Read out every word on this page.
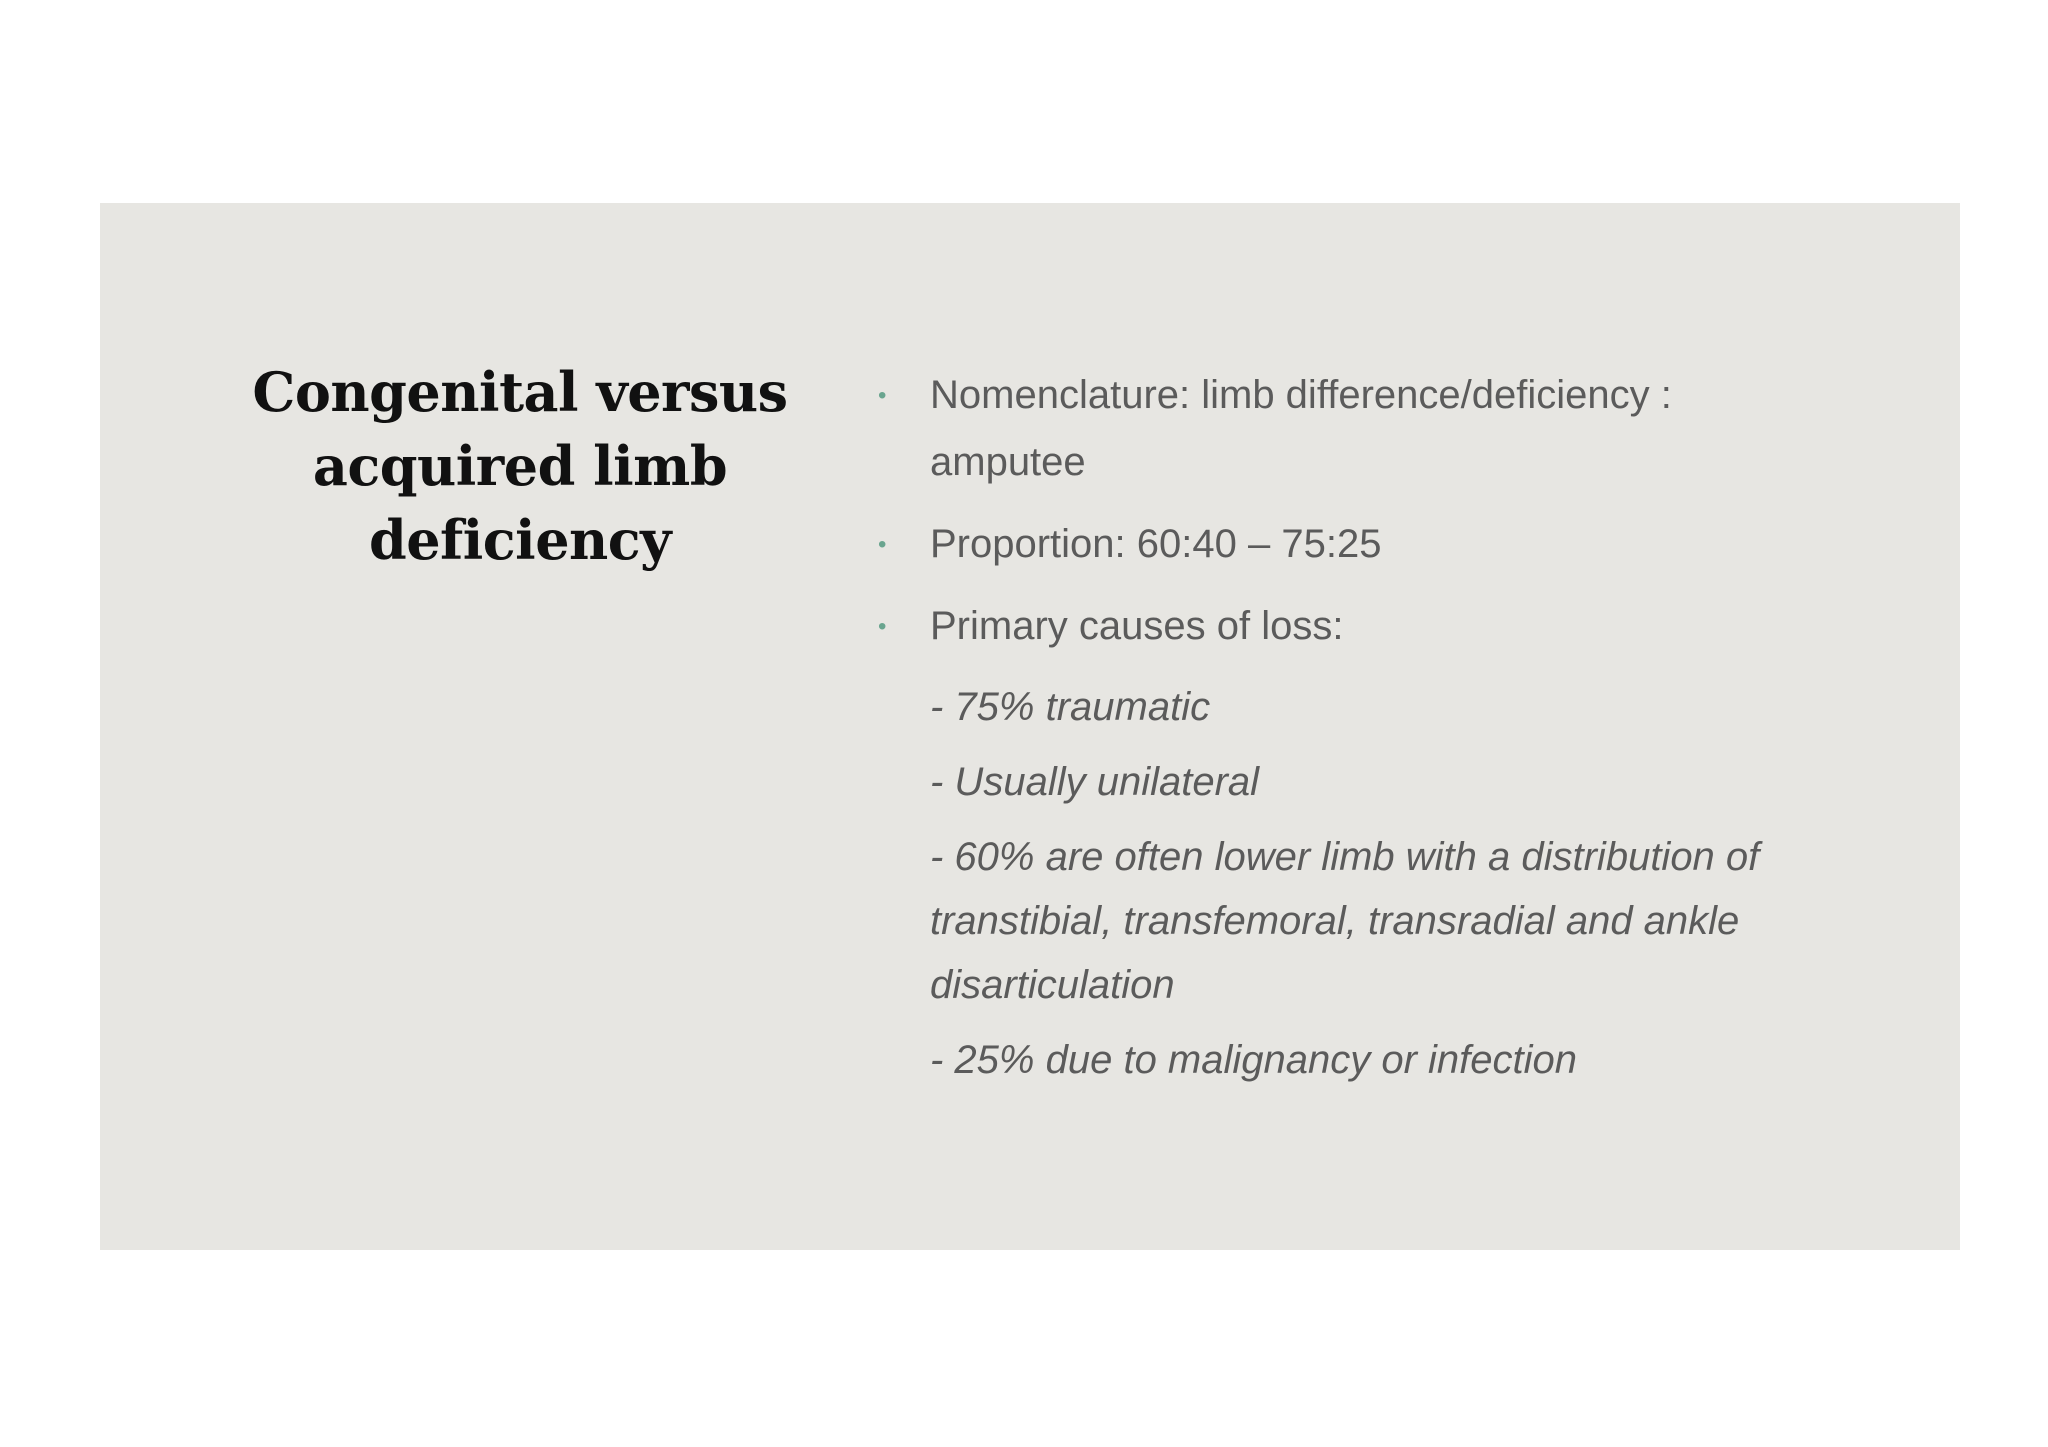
Congenital versus acquired limb deficiency
• Nomenclature: limb difference/deficiency : amputee
• Proportion: 60:40 – 75:25
• Primary causes of loss:
- 75% traumatic
- Usually unilateral
- 60% are often lower limb with a distribution of transtibial, transfemoral, transradial and ankle disarticulation
- 25% due to malignancy or infection
